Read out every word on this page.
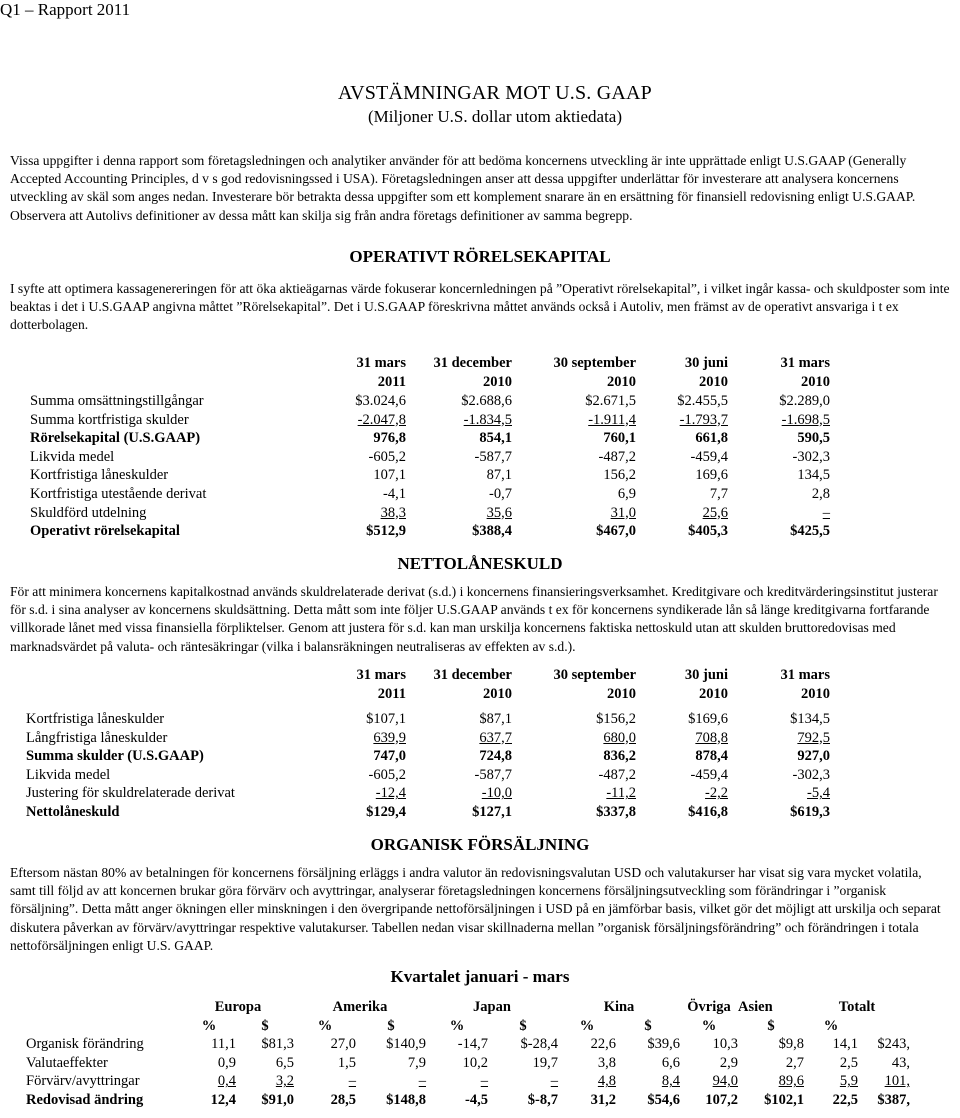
Q1 – Rapport 2011
AVSTÄMNINGAR MOT U.S. GAAP
(Miljoner U.S. dollar utom aktiedata)
Vissa uppgifter i denna rapport som företagsledningen och analytiker använder för att bedöma koncernens utveckling är inte upprättade enligt U.S.GAAP (Generally Accepted Accounting Principles, d v s god redovisningssed i USA). Företagsledningen anser att dessa uppgifter underlättar för investerare att analysera koncernens utveckling av skäl som anges nedan. Investerare bör betrakta dessa uppgifter som ett komplement snarare än en ersättning för finansiell redovisning enligt U.S.GAAP. Observera att Autolivs definitioner av dessa mått kan skilja sig från andra företags definitioner av samma begrepp.
OPERATIVT RÖRELSEKAPITAL
I syfte att optimera kassagenereringen för att öka aktieägarnas värde fokuserar koncernledningen på ”Operativt rörelsekapital”, i vilket ingår kassa- och skuldposter som inte beaktas i det i U.S.GAAP angivna måttet ”Rörelsekapital”. Det i U.S.GAAP föreskrivna måttet används också i Autoliv, men främst av de operativt ansvariga i t ex dotterbolagen.
	31 mars	31 december	30 september	30 juni	31 mars
	2011	2010	2010	2010	2010
Summa omsättningstillgångar	$3.024,6	$2.688,6	$2.671,5	$2.455,5	$2.289,0
Summa kortfristiga skulder	-2.047,8	-1.834,5	-1.911,4	-1.793,7	-1.698,5
Rörelsekapital (U.S.GAAP)	976,8	854,1	760,1	661,8	590,5
Likvida medel	-605,2	-587,7	-487,2	-459,4	-302,3
Kortfristiga låneskulder	107,1	87,1	156,2	169,6	134,5
Kortfristiga utestående derivat	-4,1	-0,7	6,9	7,7	2,8
Skuldförd utdelning	38,3	35,6	31,0	25,6	–
Operativt rörelsekapital	$512,9	$388,4	$467,0	$405,3	$425,5
NETTOLÅNESKULD
För att minimera koncernens kapitalkostnad används skuldrelaterade derivat (s.d.) i koncernens finansieringsverksamhet. Kreditgivare och kreditvärderingsinstitut justerar för s.d. i sina analyser av koncernens skuldsättning. Detta mått som inte följer U.S.GAAP används t ex för koncernens syndikerade lån så länge kreditgivarna fortfarande villkorade lånet med vissa finansiella förpliktelser. Genom att justera för s.d. kan man urskilja koncernens faktiska nettoskuld utan att skulden bruttoredovisas med marknadsvärdet på valuta- och räntesäkringar (vilka i balansräkningen neutraliseras av effekten av s.d.).
	31 mars	31 december	30 september	30 juni	31 mars
	2011	2010	2010	2010	2010

Kortfristiga låneskulder	$107,1	$87,1	$156,2	$169,6	$134,5
Långfristiga låneskulder	639,9	637,7	680,0	708,8	792,5
Summa skulder (U.S.GAAP)	747,0	724,8	836,2	878,4	927,0
Likvida medel	-605,2	-587,7	-487,2	-459,4	-302,3
Justering för skuldrelaterade derivat	-12,4	-10,0	-11,2	-2,2	-5,4
Nettolåneskuld	$129,4	$127,1	$337,8	$416,8	$619,3
ORGANISK FÖRSÄLJNING
Eftersom nästan 80% av betalningen för koncernens försäljning erläggs i andra valutor än redovisningsvalutan USD och valutakurser har visat sig vara mycket volatila, samt till följd av att koncernen brukar göra förvärv och avyttringar, analyserar företagsledningen koncernens försäljningsutveckling som förändringar i ”organisk försäljning”. Detta mått anger ökningen eller minskningen i den övergripande nettoförsäljningen i USD på en jämförbar basis, vilket gör det möjligt att urskilja och separat diskutera påverkan av förvärv/avyttringar respektive valutakurser. Tabellen nedan visar skillnaderna mellan ”organisk försäljningsförändring” och förändringen i totala nettoförsäljningen enligt U.S. GAAP.
Kvartalet januari - mars
	Europa		Amerika		Japan		Kina		Övriga	Asien	Totalt	
	%	$	%	$	%	$	%	$	%	$	%	
Organisk förändring	11,1	$81,3	27,0	$140,9	-14,7	$-28,4	22,6	$39,6	10,3	$9,8	14,1	$243,
Valutaeffekter	0,9	6,5	1,5	7,9	10,2	19,7	3,8	6,6	2,9	2,7	2,5	43,
Förvärv/avyttringar	0,4	3,2	–	–	–	–	4,8	8,4	94,0	89,6	5,9	101,
Redovisad ändring	12,4	$91,0	28,5	$148,8	-4,5	$-8,7	31,2	$54,6	107,2	$102,1	22,5	$387,
